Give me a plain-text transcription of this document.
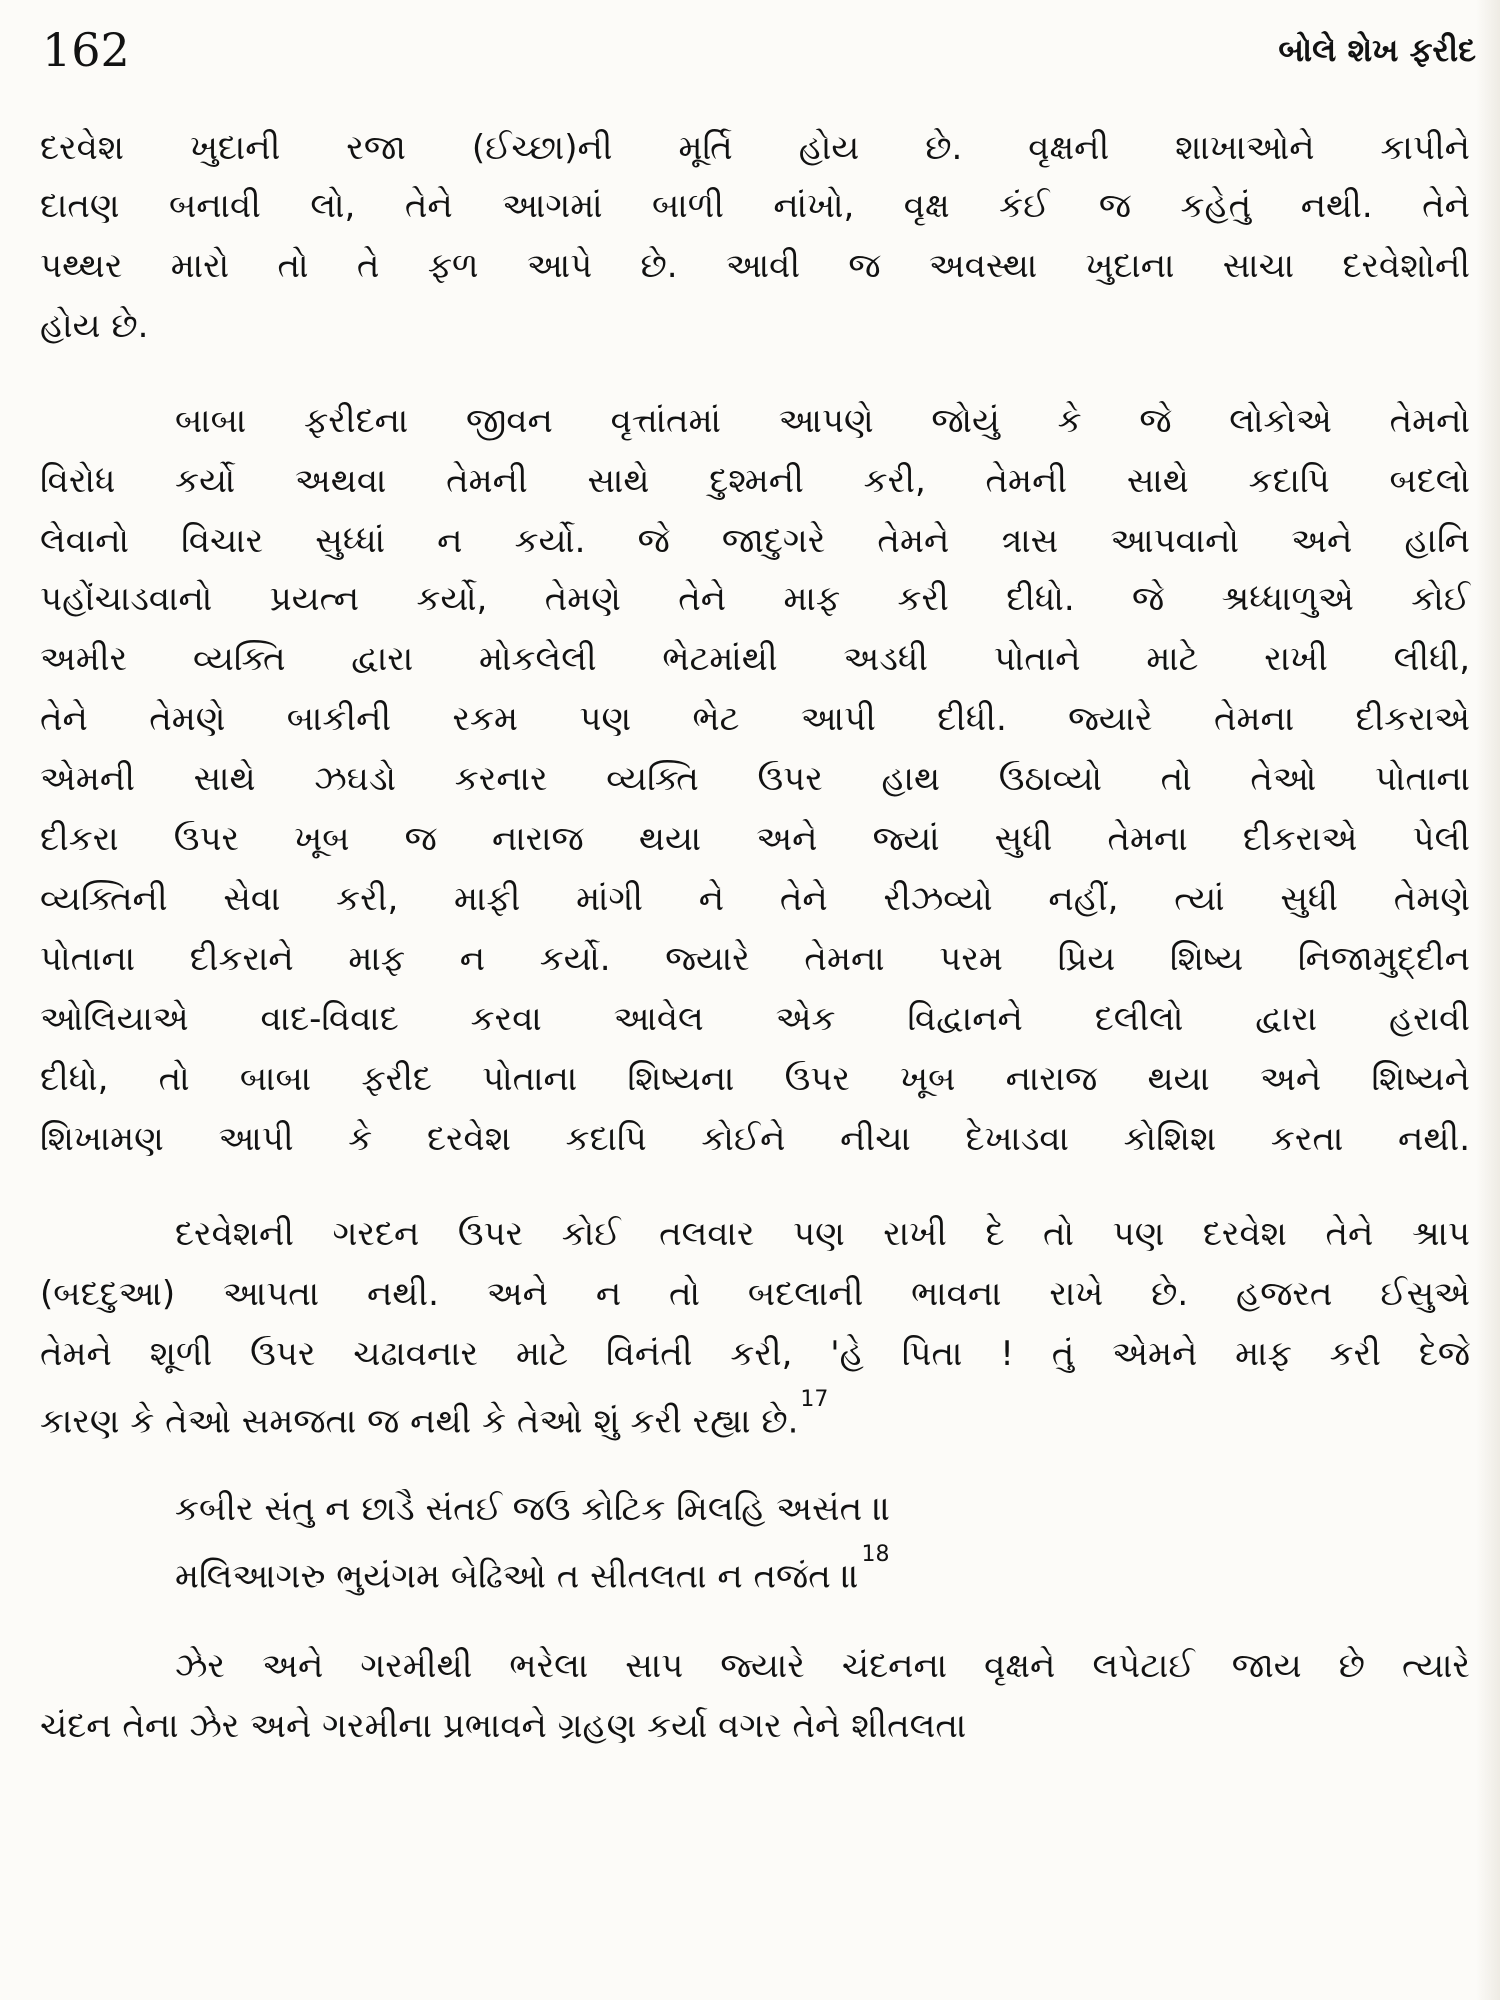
162	બોલે શેખ ફરીદ
દરવેશ ખુદાની રજા (ઈચ્છા)ની મૂર્તિ હોય છે. વૃક્ષની શાખાઓને કાપીને
દાતણ બનાવી લો, તેને આગમાં બાળી નાંખો, વૃક્ષ કંઈ જ કહેતું નથી. તેને
પથ્થર મારો તો તે ફળ આપે છે. આવી જ અવસ્થા ખુદાના સાચા દરવેશોની
હોય છે.
બાબા ફરીદના જીવન વૃત્તાંતમાં આપણે જોયું કે જે લોકોએ તેમનો
વિરોધ કર્યો અથવા તેમની સાથે દુશ્મની કરી, તેમની સાથે કદાપિ બદલો
લેવાનો વિચાર સુધ્ધાં ન કર્યો. જે જાદુગરે તેમને ત્રાસ આપવાનો અને હાનિ
પહોંચાડવાનો પ્રયત્ન કર્યો, તેમણે તેને માફ કરી દીધો. જે શ્રધ્ધાળુએ કોઈ
અમીર વ્યક્તિ દ્વારા મોકલેલી ભેટમાંથી અડધી પોતાને માટે રાખી લીધી,
તેને તેમણે બાકીની રકમ પણ ભેટ આપી દીધી. જ્યારે તેમના દીકરાએ
એમની સાથે ઝઘડો કરનાર વ્યક્તિ ઉપર હાથ ઉઠાવ્યો તો તેઓ પોતાના
દીકરા ઉપર ખૂબ જ નારાજ થયા અને જ્યાં સુધી તેમના દીકરાએ પેલી
વ્યક્તિની સેવા કરી, માફી માંગી ને તેને રીઝવ્યો નહીં, ત્યાં સુધી તેમણે
પોતાના દીકરાને માફ ન કર્યો. જ્યારે તેમના પરમ પ્રિય શિષ્ય નિજામુદ્દીન
ઓલિયાએ વાદ-વિવાદ કરવા આવેલ એક વિદ્વાનને દલીલો દ્વારા હરાવી
દીધો, તો બાબા ફરીદ પોતાના શિષ્યના ઉપર ખૂબ નારાજ થયા અને શિષ્યને
શિખામણ આપી કે દરવેશ કદાપિ કોઈને નીચા દેખાડવા કોશિશ કરતા નથી.
દરવેશની ગરદન ઉપર કોઈ તલવાર પણ રાખી દે તો પણ દરવેશ તેને શ્રાપ
(બદદુઆ) આપતા નથી. અને ન તો બદલાની ભાવના રાખે છે. હજરત ઈસુએ
તેમને શૂળી ઉપર ચઢાવનાર માટે વિનંતી કરી, 'હે પિતા ! તું એમને માફ કરી દેજે
કારણ કે તેઓ સમજતા જ નથી કે તેઓ શું કરી રહ્યા છે.$^{17}$
કબીર સંતુ ન છાડૈ સંતઈ જઉ કોટિક મિલહિ અસંત ॥
મલિઆગરુ ભુયંગમ બેઢિઓ ત સીતલતા ન તજંત ॥$^{18}$
ઝેર અને ગરમીથી ભરેલા સાપ જ્યારે ચંદનના વૃક્ષને લપેટાઈ જાય છે ત્યારે
ચંદન તેના ઝેર અને ગરમીના પ્રભાવને ગ્રહણ કર્યા વગર તેને શીતલતા
